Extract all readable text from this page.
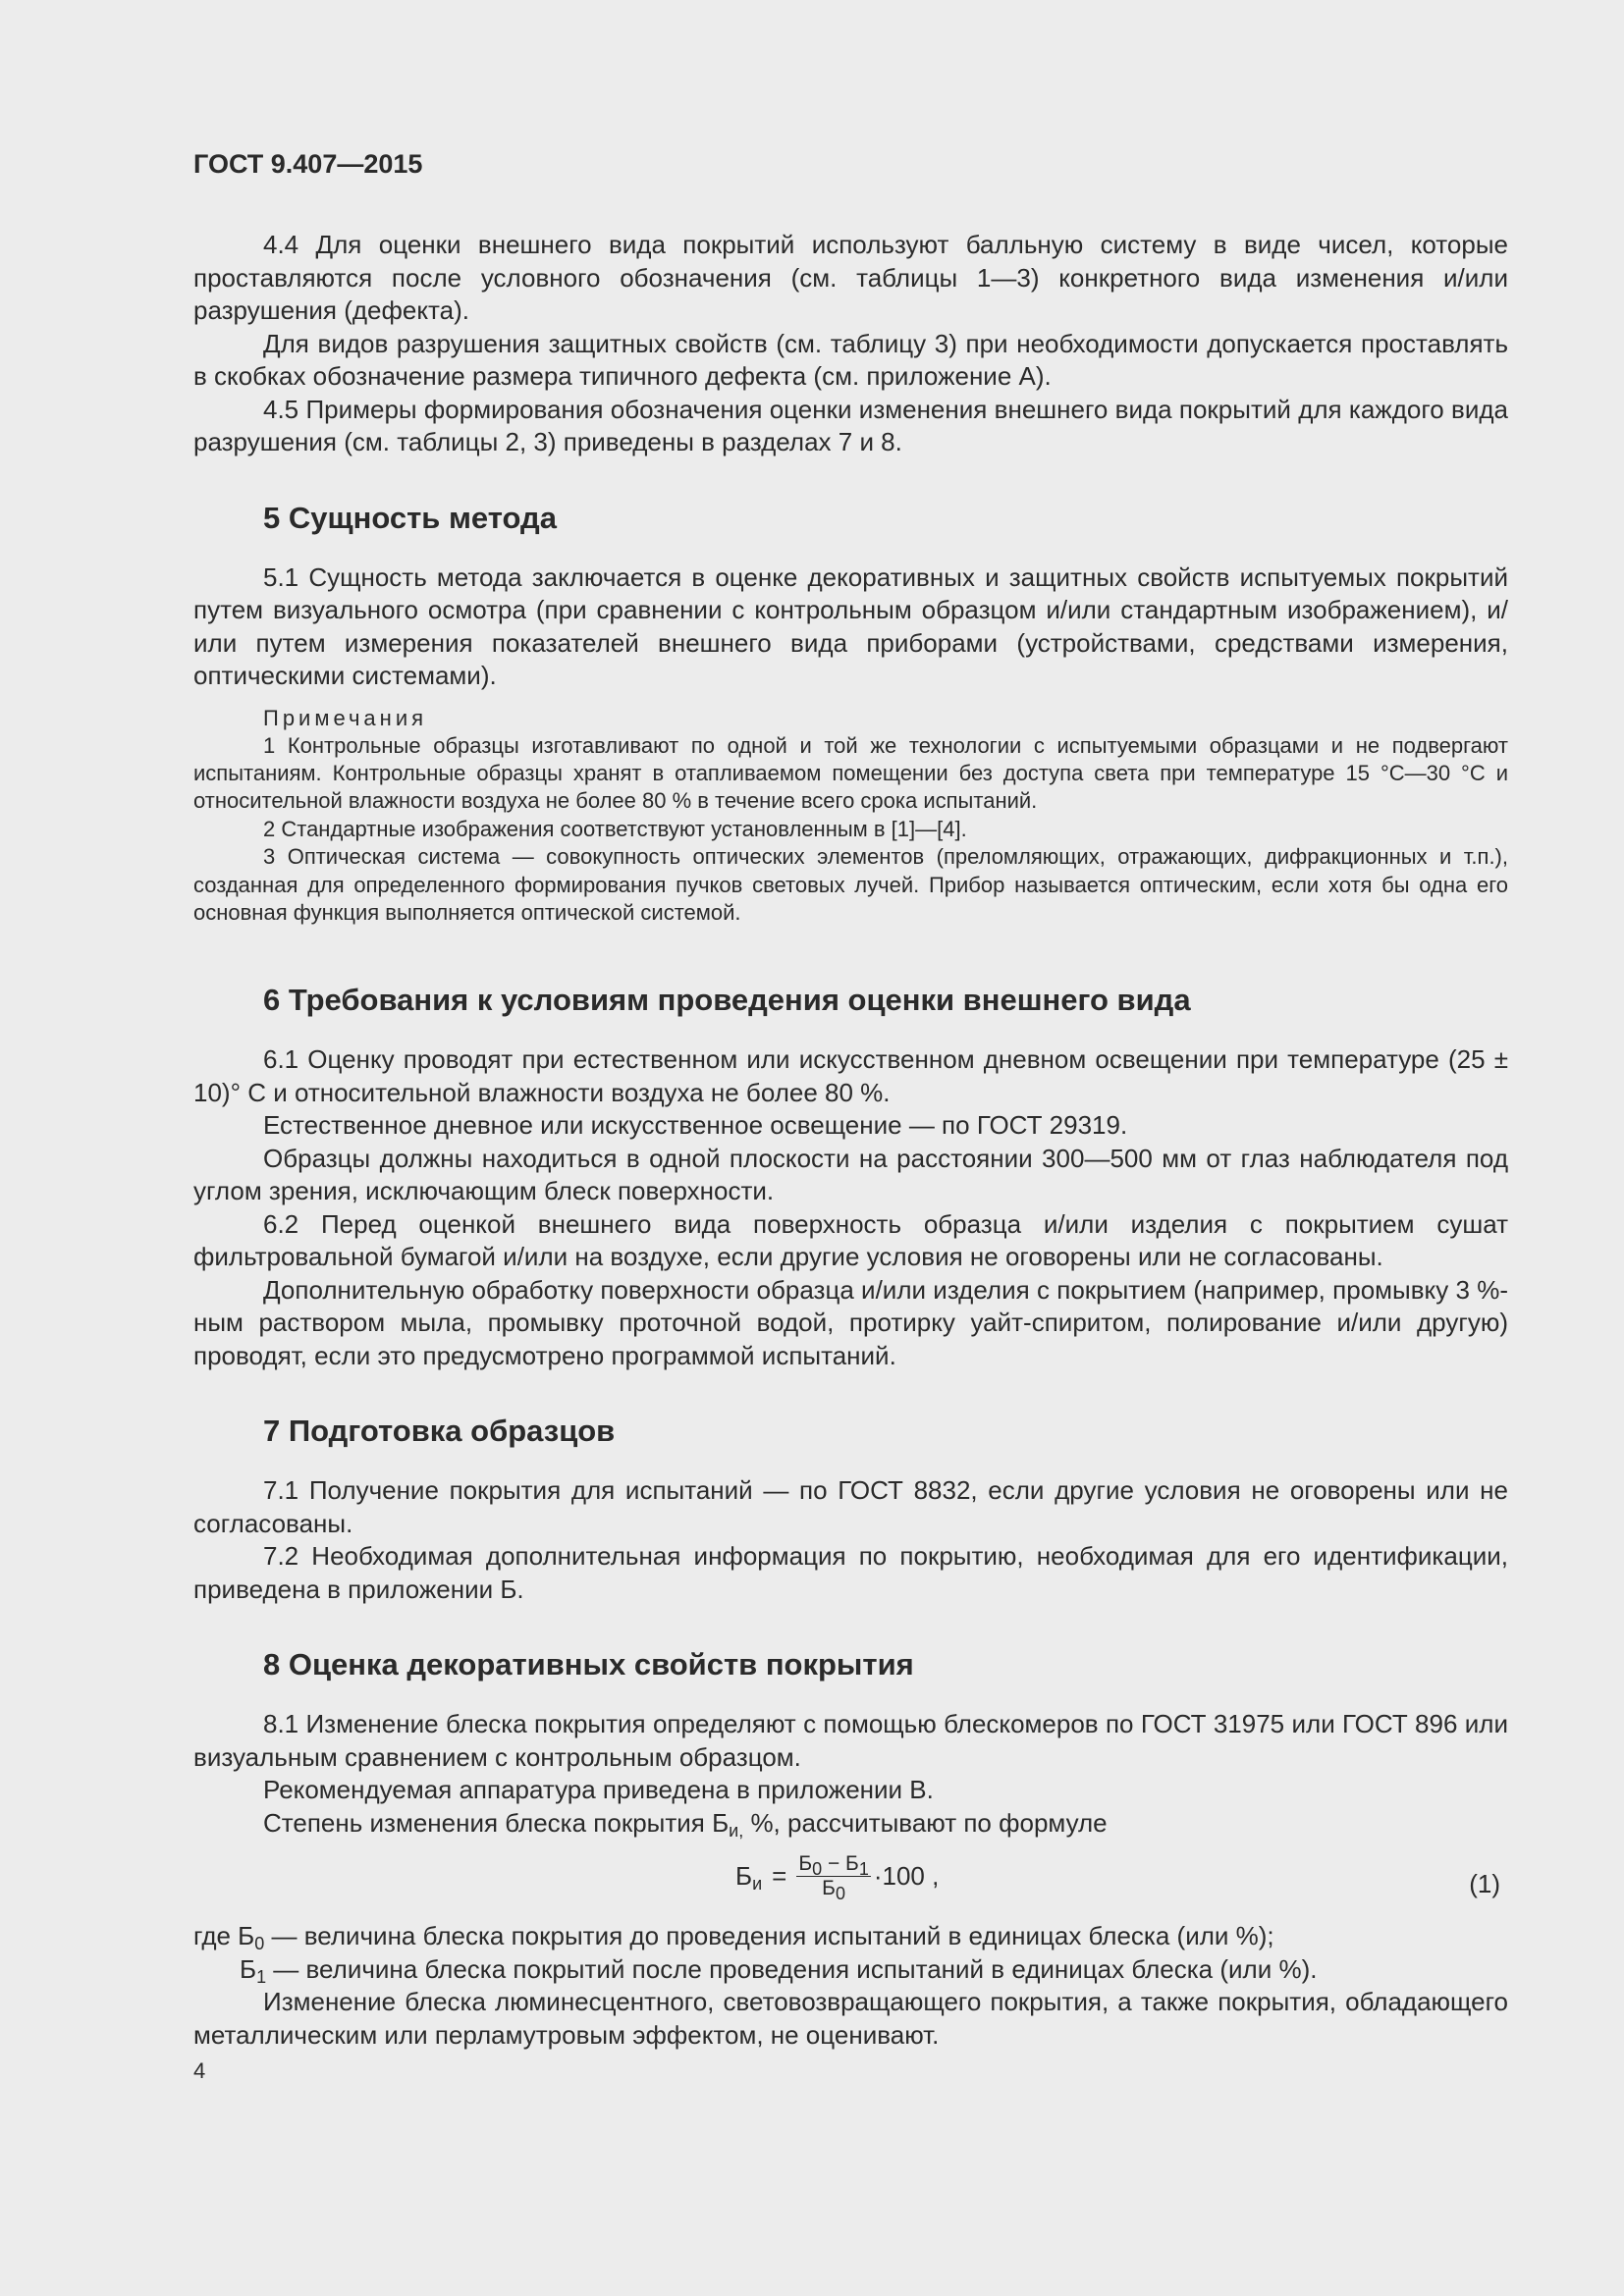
ГОСТ 9.407—2015

4.4 Для оценки внешнего вида покрытий используют балльную систему в виде чисел, которые проставляются после условного обозначения (см. таблицы 1—3) конкретного вида изменения и/или разрушения (дефекта).

Для видов разрушения защитных свойств (см. таблицу 3) при необходимости допускается проставлять в скобках обозначение размера типичного дефекта (см. приложение А).

4.5 Примеры формирования обозначения оценки изменения внешнего вида покрытий для каждого вида разрушения (см. таблицы 2, 3) приведены в разделах 7 и 8.

5 Сущность метода

5.1 Сущность метода заключается в оценке декоративных и защитных свойств испытуемых покрытий путем визуального осмотра (при сравнении с контрольным образцом и/или стандартным изображением), и/или путем измерения показателей внешнего вида приборами (устройствами, средствами измерения, оптическими системами).

Примечания

1 Контрольные образцы изготавливают по одной и той же технологии с испытуемыми образцами и не подвергают испытаниям. Контрольные образцы хранят в отапливаемом помещении без доступа света при температуре 15 °С—30 °С и относительной влажности воздуха не более 80 % в течение всего срока испытаний.

2 Стандартные изображения соответствуют установленным в [1]—[4].

3 Оптическая система — совокупность оптических элементов (преломляющих, отражающих, дифракционных и т.п.), созданная для определенного формирования пучков световых лучей. Прибор называется оптическим, если хотя бы одна его основная функция выполняется оптической системой.

6 Требования к условиям проведения оценки внешнего вида

6.1 Оценку проводят при естественном или искусственном дневном освещении при температуре (25 ± 10)° С и относительной влажности воздуха не более 80 %.

Естественное дневное или искусственное освещение — по ГОСТ 29319.

Образцы должны находиться в одной плоскости на расстоянии 300—500 мм от глаз наблюдателя под углом зрения, исключающим блеск поверхности.

6.2 Перед оценкой внешнего вида поверхность образца и/или изделия с покрытием сушат фильтровальной бумагой и/или на воздухе, если другие условия не оговорены или не согласованы.

Дополнительную обработку поверхности образца и/или изделия с покрытием (например, промывку 3 %-ным раствором мыла, промывку проточной водой, протирку уайт-спиритом, полирование и/или другую) проводят, если это предусмотрено программой испытаний.

7 Подготовка образцов

7.1 Получение покрытия для испытаний — по ГОСТ 8832, если другие условия не оговорены или не согласованы.

7.2 Необходимая дополнительная информация по покрытию, необходимая для его идентификации, приведена в приложении Б.

8 Оценка декоративных свойств покрытия

8.1 Изменение блеска покрытия определяют с помощью блескомеров по ГОСТ 31975 или ГОСТ 896 или визуальным сравнением с контрольным образцом.

Рекомендуемая аппаратура приведена в приложении В.

Степень изменения блеска покрытия $Б_{и,}$ %, рассчитывают по формуле

$Б_и = \frac{Б_0 - Б_1}{Б_0} \cdot 100$ ,	(1)

где $Б_0$ — величина блеска покрытия до проведения испытаний в единицах блеска (или %);

$Б_1$ — величина блеска покрытий после проведения испытаний в единицах блеска (или %).

Изменение блеска люминесцентного, световозвращающего покрытия, а также покрытия, обладающего металлическим или перламутровым эффектом, не оценивают.

4
